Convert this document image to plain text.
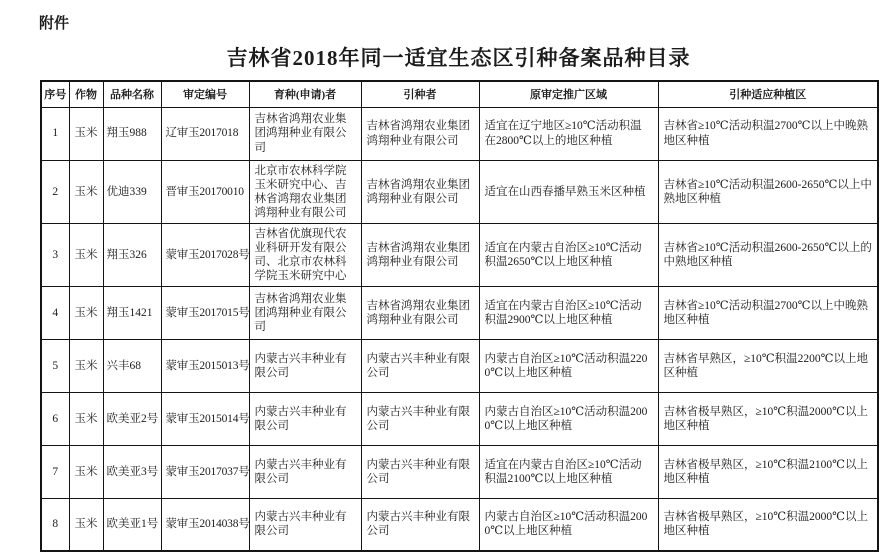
附件
吉林省2018年同一适宜生态区引种备案品种目录
序号	作物	品种名称	审定编号	育种(申请)者	引种者	原审定推广区域	引种适应种植区
1	玉米	翔玉988	辽审玉2017018	吉林省鸿翔农业集团鸿翔种业有限公司	吉林省鸿翔农业集团鸿翔种业有限公司	适宜在辽宁地区≥10℃活动积温在2800℃以上的地区种植	吉林省≥10℃活动积温2700℃以上中晚熟地区种植
2	玉米	优迪339	晋审玉20170010	北京市农林科学院玉米研究中心、吉林省鸿翔农业集团鸿翔种业有限公司	吉林省鸿翔农业集团鸿翔种业有限公司	适宜在山西春播早熟玉米区种植	吉林省≥10℃活动积温2600-2650℃以上中熟地区种植
3	玉米	翔玉326	蒙审玉2017028号	吉林省优旗现代农业科研开发有限公司、北京市农林科学院玉米研究中心	吉林省鸿翔农业集团鸿翔种业有限公司	适宜在内蒙古自治区≥10℃活动积温2650℃以上地区种植	吉林省≥10℃活动积温2600-2650℃以上的中熟地区种植
4	玉米	翔玉1421	蒙审玉2017015号	吉林省鸿翔农业集团鸿翔种业有限公司	吉林省鸿翔农业集团鸿翔种业有限公司	适宜在内蒙古自治区≥10℃活动积温2900℃以上地区种植	吉林省≥10℃活动积温2700℃以上中晚熟地区种植
5	玉米	兴丰68	蒙审玉2015013号	内蒙古兴丰种业有限公司	内蒙古兴丰种业有限公司	内蒙古自治区≥10℃活动积温2200℃以上地区种植	吉林省早熟区，≥10℃积温2200℃以上地区种植
6	玉米	欧美亚2号	蒙审玉2015014号	内蒙古兴丰种业有限公司	内蒙古兴丰种业有限公司	内蒙古自治区≥10℃活动积温2000℃以上地区种植	吉林省极早熟区，≥10℃积温2000℃以上地区种植
7	玉米	欧美亚3号	蒙审玉2017037号	内蒙古兴丰种业有限公司	内蒙古兴丰种业有限公司	适宜在内蒙古自治区≥10℃活动积温2100℃以上地区种植	吉林省极早熟区，≥10℃积温2100℃以上地区种植
8	玉米	欧美亚1号	蒙审玉2014038号	内蒙古兴丰种业有限公司	内蒙古兴丰种业有限公司	内蒙古自治区≥10℃活动积温2000℃以上地区种植	吉林省极早熟区，≥10℃积温2000℃以上地区种植
